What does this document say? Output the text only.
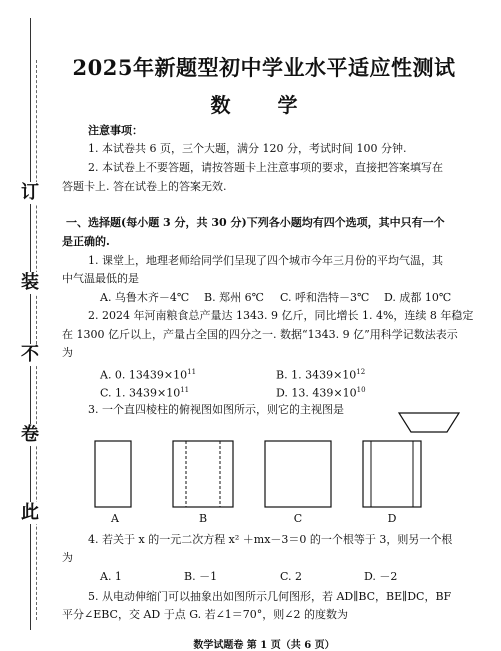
订
装
不
卷
此
2025年新题型初中学业水平适应性测试
数 学
注意事项：
1. 本试卷共 6 页，三个大题，满分 120 分，考试时间 100 分钟.
2. 本试卷上不要答题，请按答题卡上注意事项的要求，直接把答案填写在
答题卡上. 答在试卷上的答案无效.
一、选择题(每小题 3 分，共 30 分)下列各小题均有四个选项，其中只有一个
是正确的.
1. 课堂上，地理老师给同学们呈现了四个城市今年三月份的平均气温，其
中气温最低的是
A. 乌鲁木齐－4℃ B. 郑州 6℃ C. 呼和浩特－3℃ D. 成都 10℃
2. 2024 年河南粮食总产量达 1343. 9 亿斤，同比增长 1. 4%，连续 8 年稳定
在 1300 亿斤以上，产量占全国的四分之一. 数据“1343. 9 亿”用科学记数法表示
为
A. 0. $13439\times 10^{11}$	B. 1. $3439\times 10^{12}$
C. 1. $3439\times 10^{11}$	D. 13. $439\times 10^{10}$
3. 一个直四棱柱的俯视图如图所示，则它的主视图是
A	B	C	D
4. 若关于 x 的一元二次方程 x² ＋mx－3＝0 的一个根等于 3，则另一个根
为
A. 1	B. －1	C. 2	D. －2
5. 从电动伸缩门可以抽象出如图所示几何图形，若 AD∥BC，BE∥DC，BF
平分∠EBC，交 AD 于点 G. 若∠1＝70°，则∠2 的度数为
数学试题卷 第 1 页（共 6 页）
